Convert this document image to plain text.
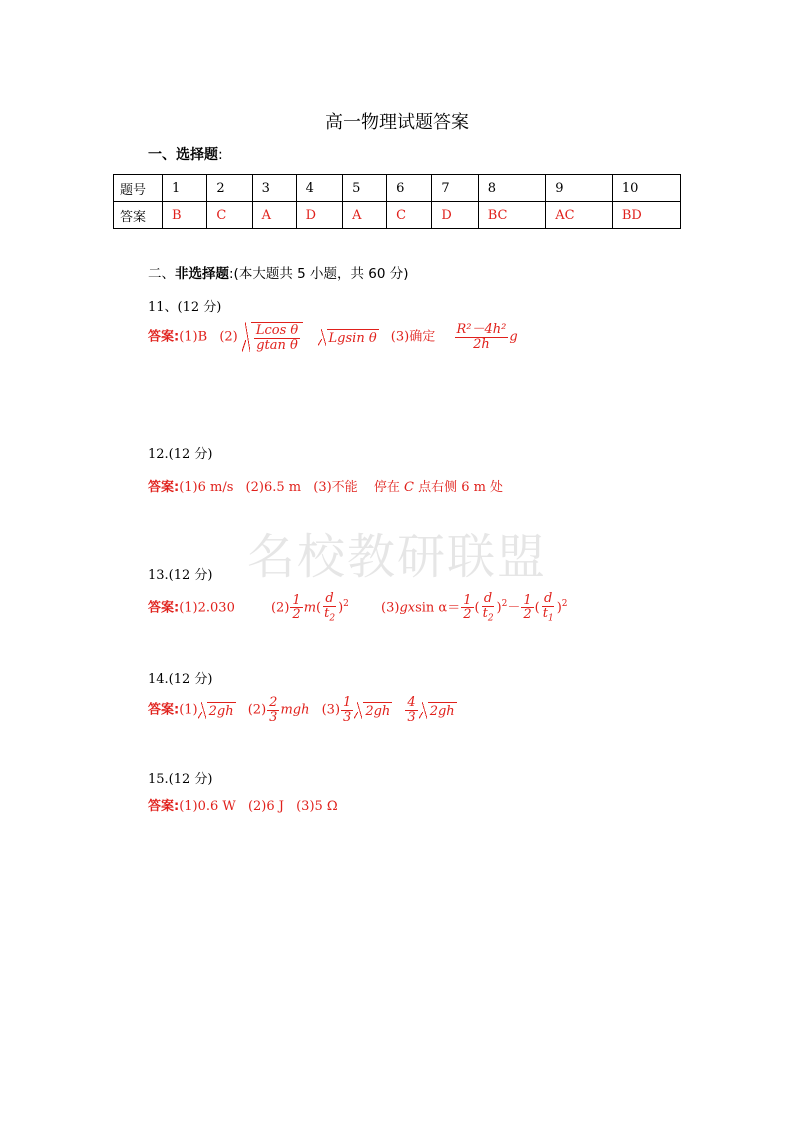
名校教研联盟
高一物理试题答案
一、选择题:
题号	1	2	3	4	5	6	7	8	9	10
答案	B	C	A	D	A	C	D	BC	AC	BD
二、非选择题:(本大题共 5 小题，共 60 分)
11、(12 分)
答案:(1)B $(2) \frac{\text{Lcos θ}}{\text{gtan θ}}$ Lgsin θ (3)确定 $\frac{\text{R²－4h²}}{2h}$ g
12.(12 分)
答案:(1)6 m/s (2)6.5 m (3)不能 停在 C 点右侧 6 m 处
13.(12 分)
答案:(1)2.030	$(2) \frac{1}{2} m( \frac{d}{t_2} )^2$ (3)gxsin $\alpha= \frac{1}{2}$ ( $\frac{d}{t_2} )^2- \frac{1}{2}$ ( $\frac{d}{t_1} )^2$
14.(12 分)
答案:(1) 2gh $(2) \frac{2}{3}$ mgh $(3) \frac{1}{3} 2gh \frac{4}{3} 2gh$
15.(12 分)
答案:(1)0.6 W (2)6 J (3)5 Ω
